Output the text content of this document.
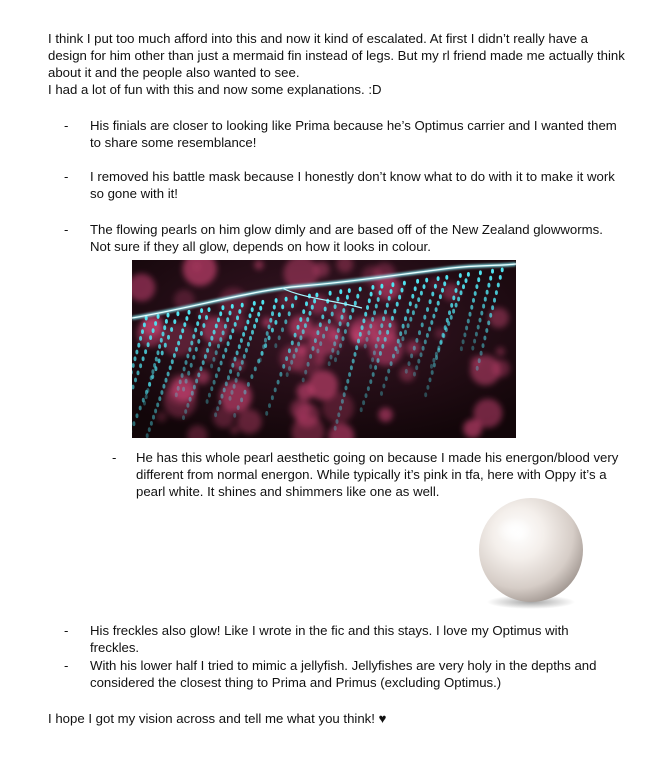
I think I put too much afford into this and now it kind of escalated. At first I didn’t really have a design for him other than just a mermaid fin instead of legs. But my rl friend made me actually think about it and the people also wanted to see.
I had a lot of fun with this and now some explanations. :D

-	His finials are closer to looking like Prima because he’s Optimus carrier and I wanted them to share some resemblance!
-	I removed his battle mask because I honestly don’t know what to do with it to make it work so gone with it!
-	The flowing pearls on him glow dimly and are based off of the New Zealand glowworms. Not sure if they all glow, depends on how it looks in colour.
-	He has this whole pearl aesthetic going on because I made his energon/blood very different from normal energon. While typically it’s pink in tfa, here with Oppy it’s a pearl white. It shines and shimmers like one as well.
-	His freckles also glow! Like I wrote in the fic and this stays. I love my Optimus with freckles.
-	With his lower half I tried to mimic a jellyfish. Jellyfishes are very holy in the depths and considered the closest thing to Prima and Primus (excluding Optimus.)

I hope I got my vision across and tell me what you think! ♥
